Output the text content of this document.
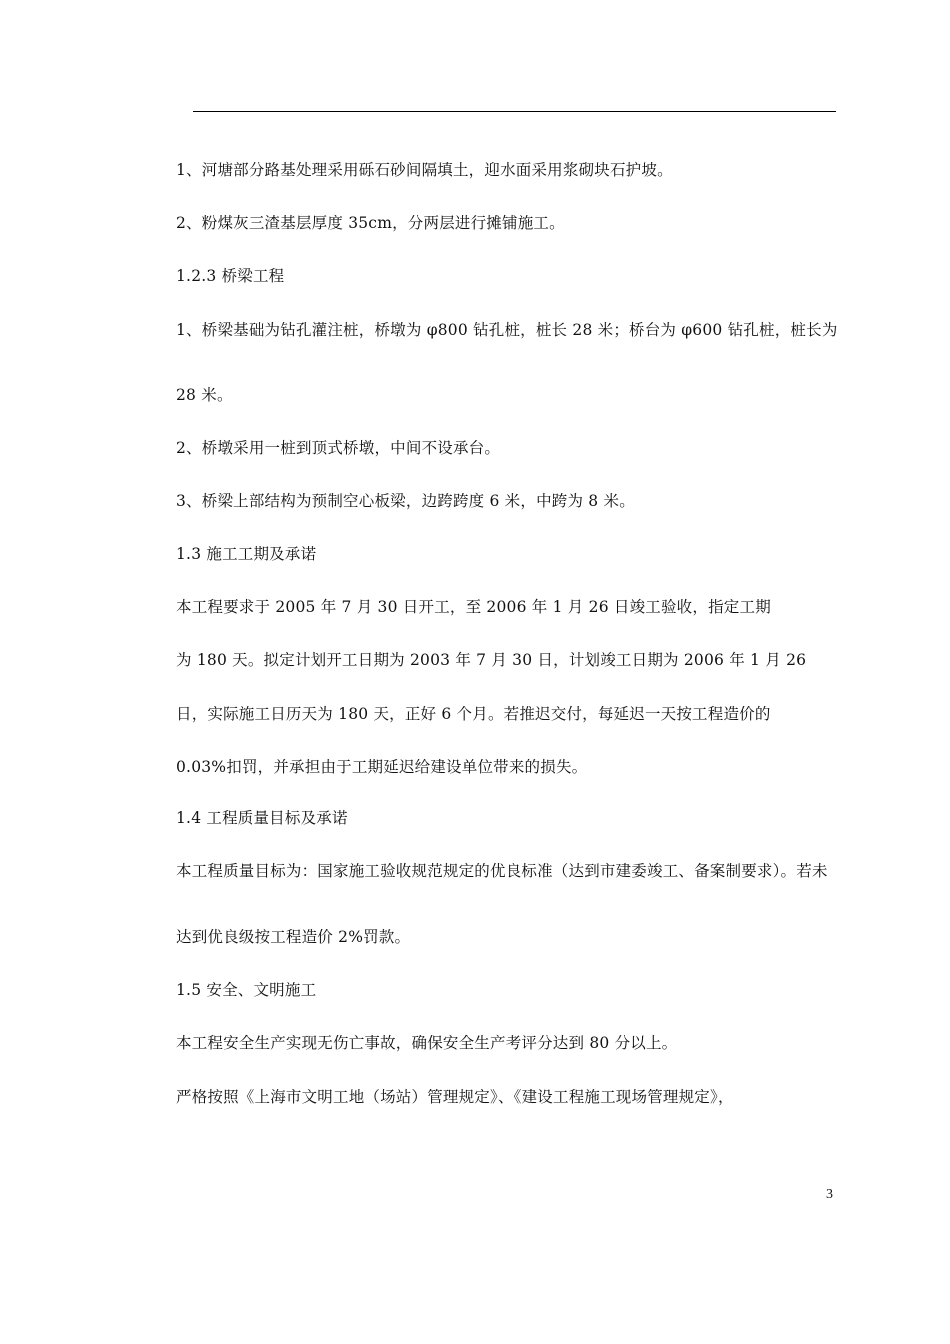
1、河塘部分路基处理采用砾石砂间隔填土，迎水面采用浆砌块石护坡。
2、粉煤灰三渣基层厚度 35cm，分两层进行摊铺施工。
1.2.3 桥梁工程
1、桥梁基础为钻孔灌注桩，桥墩为 φ800 钻孔桩，桩长 28 米；桥台为 φ600 钻孔桩，桩长为
28 米。
2、桥墩采用一桩到顶式桥墩，中间不设承台。
3、桥梁上部结构为预制空心板梁，边跨跨度 6 米，中跨为 8 米。
1.3 施工工期及承诺
本工程要求于 2005 年 7 月 30 日开工，至 2006 年 1 月 26 日竣工验收，指定工期
为 180 天。拟定计划开工日期为 2003 年 7 月 30 日，计划竣工日期为 2006 年 1 月 26
日，实际施工日历天为 180 天，正好 6 个月。若推迟交付，每延迟一天按工程造价的
0.03%扣罚，并承担由于工期延迟给建设单位带来的损失。
1.4 工程质量目标及承诺
本工程质量目标为：国家施工验收规范规定的优良标准（达到市建委竣工、备案制要求）。若未
达到优良级按工程造价 2%罚款。
1.5 安全、文明施工
本工程安全生产实现无伤亡事故，确保安全生产考评分达到 80 分以上。
严格按照《上海市文明工地（场站）管理规定》、《建设工程施工现场管理规定》，
3
